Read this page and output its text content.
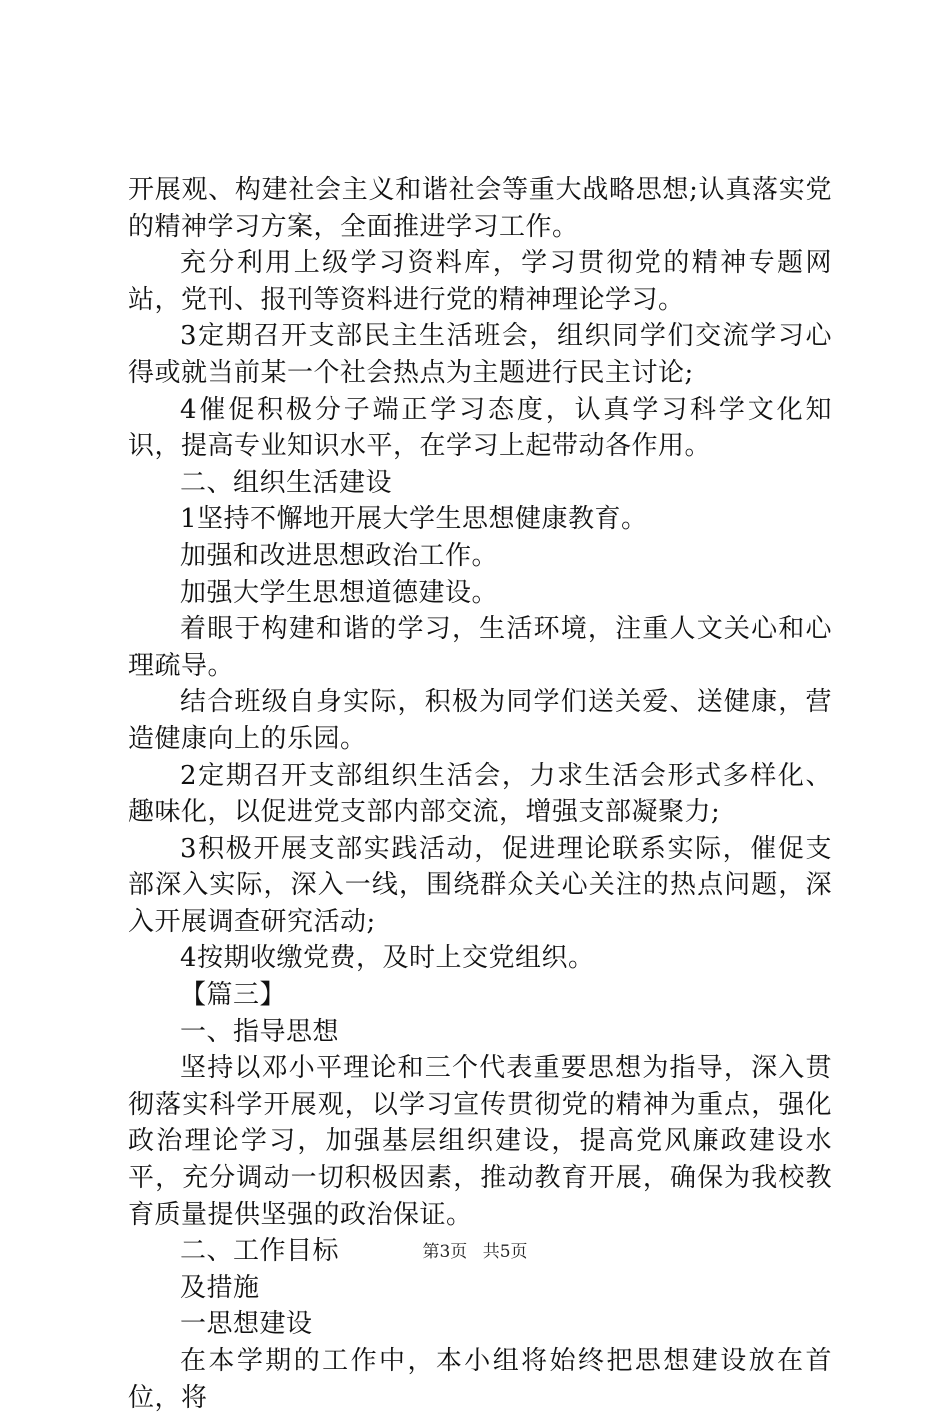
开展观、构建社会主义和谐社会等重大战略思想;认真落实党的精神学习方案，全面推进学习工作。

充分利用上级学习资料库，学习贯彻党的精神专题网站，党刊、报刊等资料进行党的精神理论学习。

3定期召开支部民主生活班会，组织同学们交流学习心得或就当前某一个社会热点为主题进行民主讨论;

4催促积极分子端正学习态度，认真学习科学文化知识，提高专业知识水平，在学习上起带动各作用。

二、组织生活建设

1坚持不懈地开展大学生思想健康教育。

加强和改进思想政治工作。

加强大学生思想道德建设。

着眼于构建和谐的学习，生活环境，注重人文关心和心理疏导。

结合班级自身实际，积极为同学们送关爱、送健康，营造健康向上的乐园。

2定期召开支部组织生活会，力求生活会形式多样化、趣味化，以促进党支部内部交流，增强支部凝聚力;

3积极开展支部实践活动，促进理论联系实际，催促支部深入实际，深入一线，围绕群众关心关注的热点问题，深入开展调查研究活动;

4按期收缴党费，及时上交党组织。

【篇三】

一、指导思想

坚持以邓小平理论和三个代表重要思想为指导，深入贯彻落实科学开展观，以学习宣传贯彻党的精神为重点，强化政治理论学习，加强基层组织建设，提高党风廉政建设水平，充分调动一切积极因素，推动教育开展，确保为我校教育质量提供坚强的政治保证。

二、工作目标

及措施

一思想建设

在本学期的工作中，本小组将始终把思想建设放在首位，将

第3页 共5页
